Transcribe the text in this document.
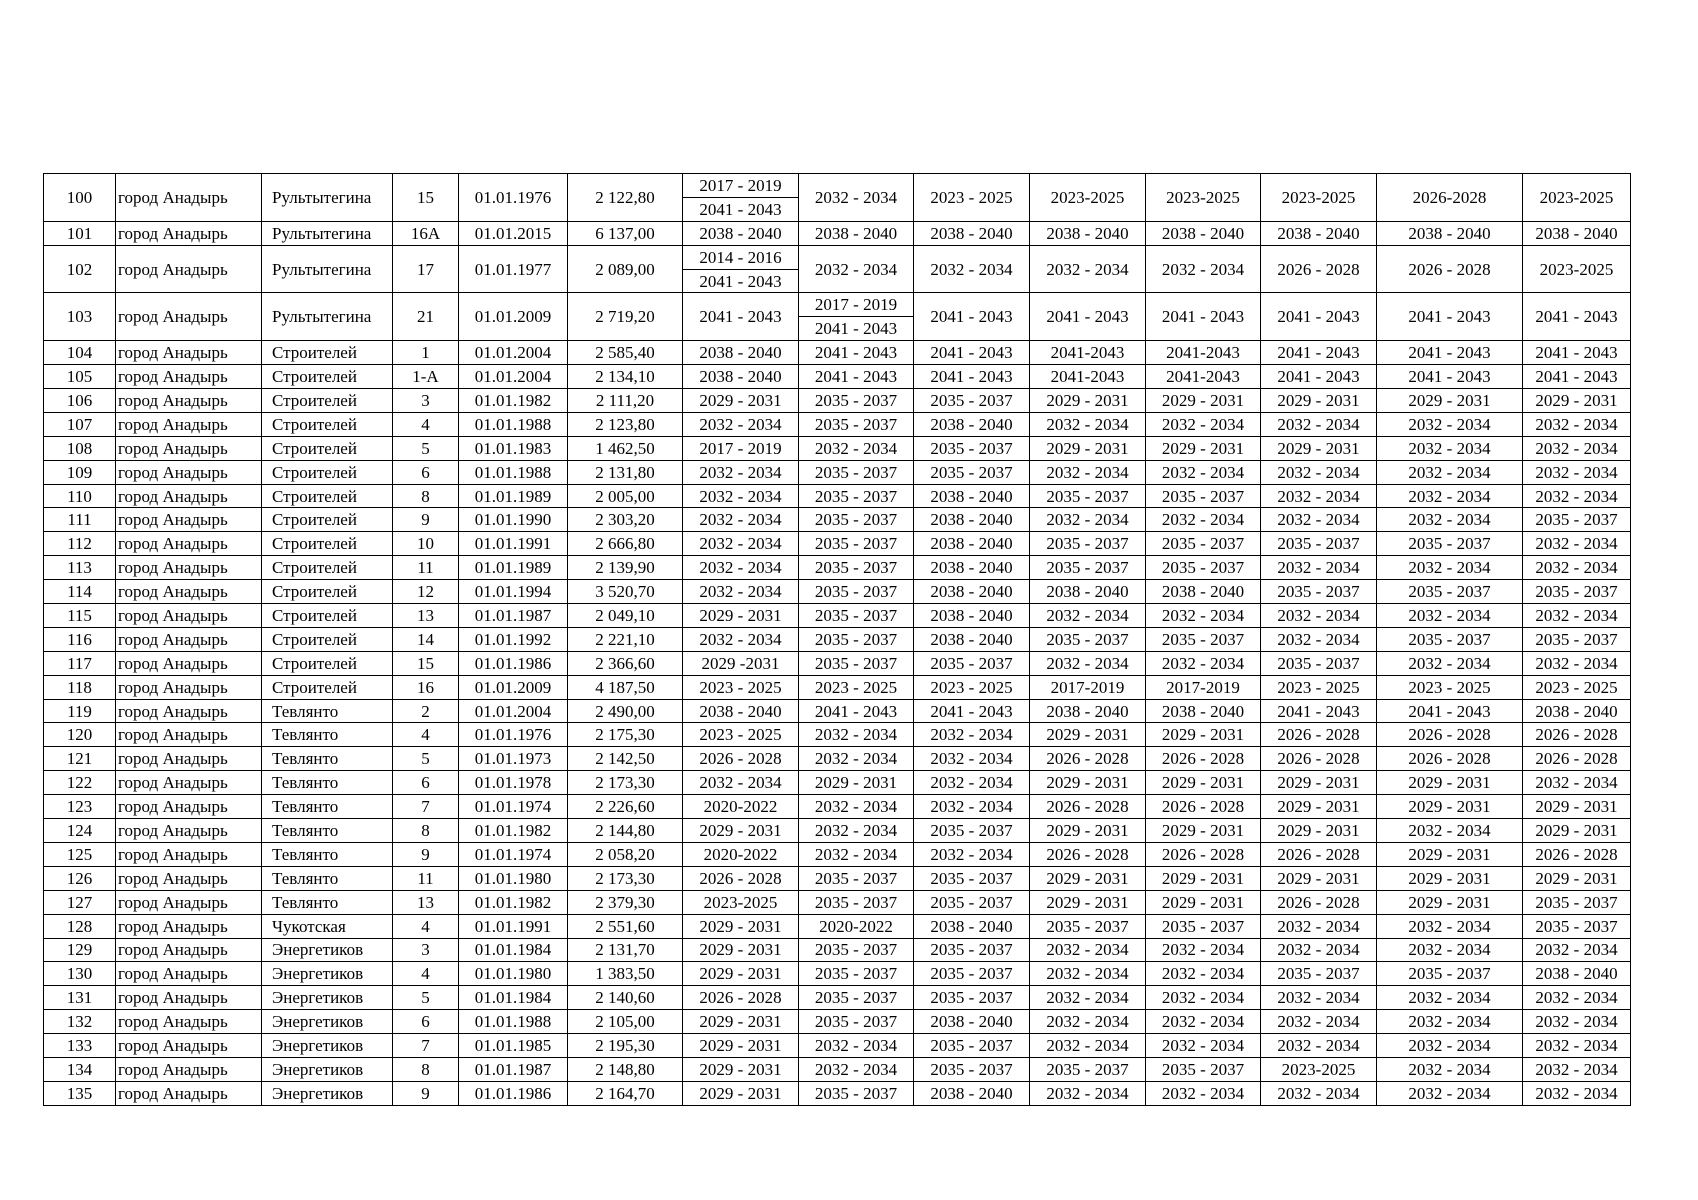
100	город Анадырь	Рультытегина	15	01.01.1976	2 122,80	2017 - 2019	2032 - 2034	2023 - 2025	2023-2025	2023-2025	2023-2025	2026-2028	2023-2025
						2041 - 2043							
101	город Анадырь	Рультытегина	16А	01.01.2015	6 137,00	2038 - 2040	2038 - 2040	2038 - 2040	2038 - 2040	2038 - 2040	2038 - 2040	2038 - 2040	2038 - 2040
102	город Анадырь	Рультытегина	17	01.01.1977	2 089,00	2014 - 2016	2032 - 2034	2032 - 2034	2032 - 2034	2032 - 2034	2026 - 2028	2026 - 2028	2023-2025
						2041 - 2043							
103	город Анадырь	Рультытегина	21	01.01.2009	2 719,20	2041 - 2043	2017 - 2019	2041 - 2043	2041 - 2043	2041 - 2043	2041 - 2043	2041 - 2043	2041 - 2043
							2041 - 2043						
104	город Анадырь	Строителей	1	01.01.2004	2 585,40	2038 - 2040	2041 - 2043	2041 - 2043	2041-2043	2041-2043	2041 - 2043	2041 - 2043	2041 - 2043
105	город Анадырь	Строителей	1-А	01.01.2004	2 134,10	2038 - 2040	2041 - 2043	2041 - 2043	2041-2043	2041-2043	2041 - 2043	2041 - 2043	2041 - 2043
106	город Анадырь	Строителей	3	01.01.1982	2 111,20	2029 - 2031	2035 - 2037	2035 - 2037	2029 - 2031	2029 - 2031	2029 - 2031	2029 - 2031	2029 - 2031
107	город Анадырь	Строителей	4	01.01.1988	2 123,80	2032 - 2034	2035 - 2037	2038 - 2040	2032 - 2034	2032 - 2034	2032 - 2034	2032 - 2034	2032 - 2034
108	город Анадырь	Строителей	5	01.01.1983	1 462,50	2017 - 2019	2032 - 2034	2035 - 2037	2029 - 2031	2029 - 2031	2029 - 2031	2032 - 2034	2032 - 2034
109	город Анадырь	Строителей	6	01.01.1988	2 131,80	2032 - 2034	2035 - 2037	2035 - 2037	2032 - 2034	2032 - 2034	2032 - 2034	2032 - 2034	2032 - 2034
110	город Анадырь	Строителей	8	01.01.1989	2 005,00	2032 - 2034	2035 - 2037	2038 - 2040	2035 - 2037	2035 - 2037	2032 - 2034	2032 - 2034	2032 - 2034
111	город Анадырь	Строителей	9	01.01.1990	2 303,20	2032 - 2034	2035 - 2037	2038 - 2040	2032 - 2034	2032 - 2034	2032 - 2034	2032 - 2034	2035 - 2037
112	город Анадырь	Строителей	10	01.01.1991	2 666,80	2032 - 2034	2035 - 2037	2038 - 2040	2035 - 2037	2035 - 2037	2035 - 2037	2035 - 2037	2032 - 2034
113	город Анадырь	Строителей	11	01.01.1989	2 139,90	2032 - 2034	2035 - 2037	2038 - 2040	2035 - 2037	2035 - 2037	2032 - 2034	2032 - 2034	2032 - 2034
114	город Анадырь	Строителей	12	01.01.1994	3 520,70	2032 - 2034	2035 - 2037	2038 - 2040	2038 - 2040	2038 - 2040	2035 - 2037	2035 - 2037	2035 - 2037
115	город Анадырь	Строителей	13	01.01.1987	2 049,10	2029 - 2031	2035 - 2037	2038 - 2040	2032 - 2034	2032 - 2034	2032 - 2034	2032 - 2034	2032 - 2034
116	город Анадырь	Строителей	14	01.01.1992	2 221,10	2032 - 2034	2035 - 2037	2038 - 2040	2035 - 2037	2035 - 2037	2032 - 2034	2035 - 2037	2035 - 2037
117	город Анадырь	Строителей	15	01.01.1986	2 366,60	2029 -2031	2035 - 2037	2035 - 2037	2032 - 2034	2032 - 2034	2035 - 2037	2032 - 2034	2032 - 2034
118	город Анадырь	Строителей	16	01.01.2009	4 187,50	2023 - 2025	2023 - 2025	2023 - 2025	2017-2019	2017-2019	2023 - 2025	2023 - 2025	2023 - 2025
119	город Анадырь	Тевлянто	2	01.01.2004	2 490,00	2038 - 2040	2041 - 2043	2041 - 2043	2038 - 2040	2038 - 2040	2041 - 2043	2041 - 2043	2038 - 2040
120	город Анадырь	Тевлянто	4	01.01.1976	2 175,30	2023 - 2025	2032 - 2034	2032 - 2034	2029 - 2031	2029 - 2031	2026 - 2028	2026 - 2028	2026 - 2028
121	город Анадырь	Тевлянто	5	01.01.1973	2 142,50	2026 - 2028	2032 - 2034	2032 - 2034	2026 - 2028	2026 - 2028	2026 - 2028	2026 - 2028	2026 - 2028
122	город Анадырь	Тевлянто	6	01.01.1978	2 173,30	2032 - 2034	2029 - 2031	2032 - 2034	2029 - 2031	2029 - 2031	2029 - 2031	2029 - 2031	2032 - 2034
123	город Анадырь	Тевлянто	7	01.01.1974	2 226,60	2020-2022	2032 - 2034	2032 - 2034	2026 - 2028	2026 - 2028	2029 - 2031	2029 - 2031	2029 - 2031
124	город Анадырь	Тевлянто	8	01.01.1982	2 144,80	2029 - 2031	2032 - 2034	2035 - 2037	2029 - 2031	2029 - 2031	2029 - 2031	2032 - 2034	2029 - 2031
125	город Анадырь	Тевлянто	9	01.01.1974	2 058,20	2020-2022	2032 - 2034	2032 - 2034	2026 - 2028	2026 - 2028	2026 - 2028	2029 - 2031	2026 - 2028
126	город Анадырь	Тевлянто	11	01.01.1980	2 173,30	2026 - 2028	2035 - 2037	2035 - 2037	2029 - 2031	2029 - 2031	2029 - 2031	2029 - 2031	2029 - 2031
127	город Анадырь	Тевлянто	13	01.01.1982	2 379,30	2023-2025	2035 - 2037	2035 - 2037	2029 - 2031	2029 - 2031	2026 - 2028	2029 - 2031	2035 - 2037
128	город Анадырь	Чукотская	4	01.01.1991	2 551,60	2029 - 2031	2020-2022	2038 - 2040	2035 - 2037	2035 - 2037	2032 - 2034	2032 - 2034	2035 - 2037
129	город Анадырь	Энергетиков	3	01.01.1984	2 131,70	2029 - 2031	2035 - 2037	2035 - 2037	2032 - 2034	2032 - 2034	2032 - 2034	2032 - 2034	2032 - 2034
130	город Анадырь	Энергетиков	4	01.01.1980	1 383,50	2029 - 2031	2035 - 2037	2035 - 2037	2032 - 2034	2032 - 2034	2035 - 2037	2035 - 2037	2038 - 2040
131	город Анадырь	Энергетиков	5	01.01.1984	2 140,60	2026 - 2028	2035 - 2037	2035 - 2037	2032 - 2034	2032 - 2034	2032 - 2034	2032 - 2034	2032 - 2034
132	город Анадырь	Энергетиков	6	01.01.1988	2 105,00	2029 - 2031	2035 - 2037	2038 - 2040	2032 - 2034	2032 - 2034	2032 - 2034	2032 - 2034	2032 - 2034
133	город Анадырь	Энергетиков	7	01.01.1985	2 195,30	2029 - 2031	2032 - 2034	2035 - 2037	2032 - 2034	2032 - 2034	2032 - 2034	2032 - 2034	2032 - 2034
134	город Анадырь	Энергетиков	8	01.01.1987	2 148,80	2029 - 2031	2032 - 2034	2035 - 2037	2035 - 2037	2035 - 2037	2023-2025	2032 - 2034	2032 - 2034
135	город Анадырь	Энергетиков	9	01.01.1986	2 164,70	2029 - 2031	2035 - 2037	2038 - 2040	2032 - 2034	2032 - 2034	2032 - 2034	2032 - 2034	2032 - 2034
